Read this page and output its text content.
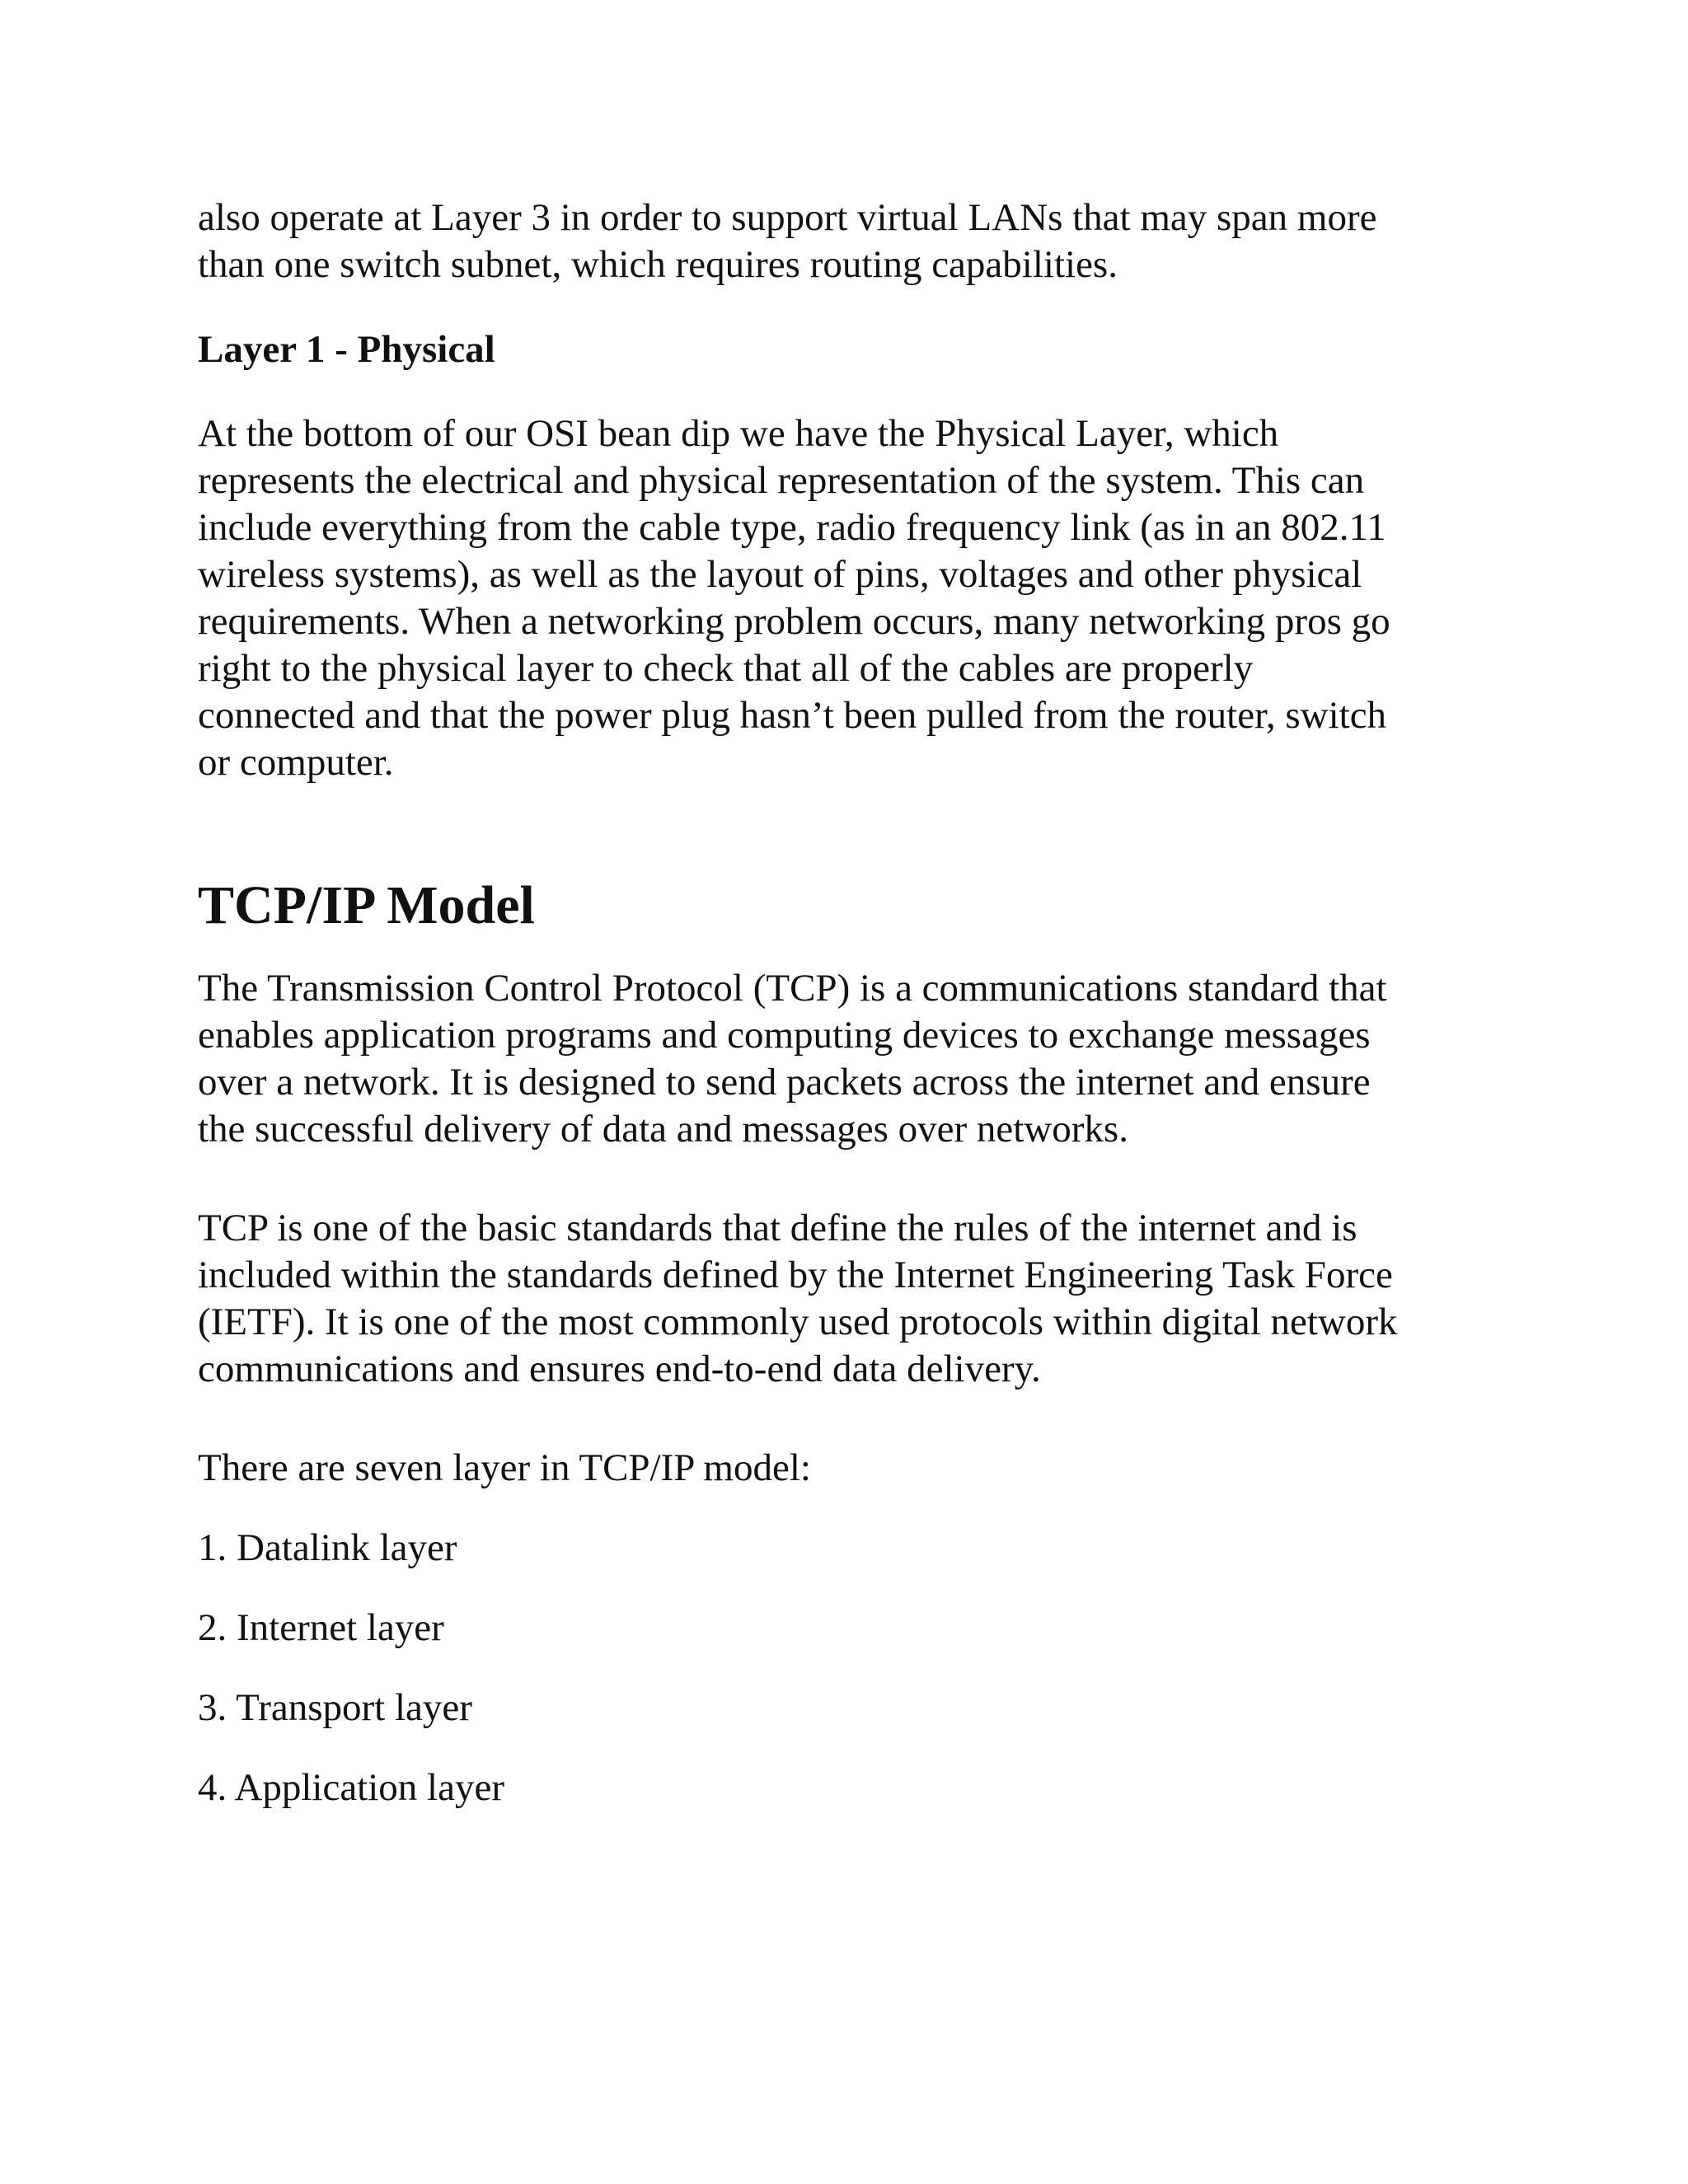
also operate at Layer 3 in order to support virtual LANs that may span more
than one switch subnet, which requires routing capabilities.

Layer 1 - Physical

At the bottom of our OSI bean dip we have the Physical Layer, which
represents the electrical and physical representation of the system. This can
include everything from the cable type, radio frequency link (as in an 802.11
wireless systems), as well as the layout of pins, voltages and other physical
requirements. When a networking problem occurs, many networking pros go
right to the physical layer to check that all of the cables are properly
connected and that the power plug hasn’t been pulled from the router, switch
or computer.

TCP/IP Model

The Transmission Control Protocol (TCP) is a communications standard that
enables application programs and computing devices to exchange messages
over a network. It is designed to send packets across the internet and ensure
the successful delivery of data and messages over networks.

TCP is one of the basic standards that define the rules of the internet and is
included within the standards defined by the Internet Engineering Task Force
(IETF). It is one of the most commonly used protocols within digital network
communications and ensures end-to-end data delivery.

There are seven layer in TCP/IP model:

1. Datalink layer
2. Internet layer
3. Transport layer
4. Application layer
